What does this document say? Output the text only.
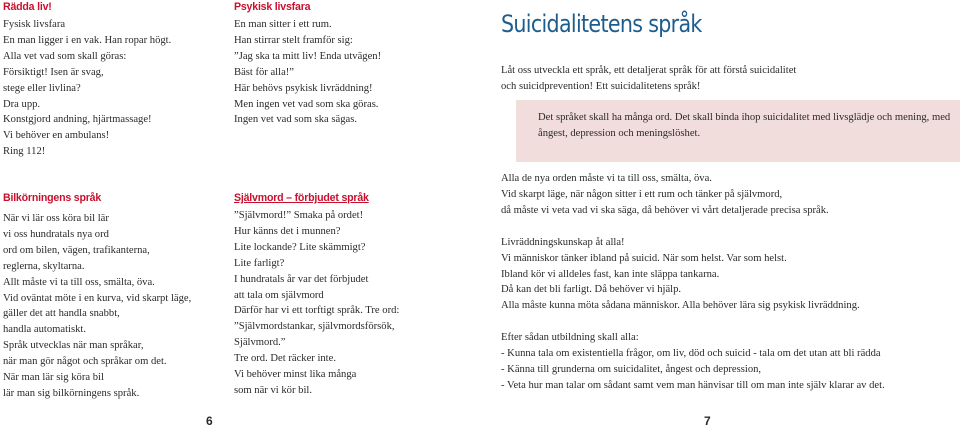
Rädda liv!
Fysisk livsfara
En man ligger i en vak. Han ropar högt.
Alla vet vad som skall göras:
Försiktigt! Isen är svag,
stege eller livlina?
Dra upp.
Konstgjord andning, hjärtmassage!
Vi behöver en ambulans!
Ring 112!
Psykisk livsfara
En man sitter i ett rum.
Han stirrar stelt framför sig:
”Jag ska ta mitt liv! Enda utvägen!
Bäst för alla!”
Här behövs psykisk livräddning!
Men ingen vet vad som ska göras.
Ingen vet vad som ska sägas.
Suicidalitetens språk
Låt oss utveckla ett språk, ett detaljerat språk för att förstå suicidalitet
och suicidprevention! Ett suicidalitetens språk!
Det språket skall ha många ord. Det skall binda ihop suicidalitet med livsglädje och mening, med ångest, depression och meningslöshet.
Bilkörningens språk
När vi lär oss köra bil lär
vi oss hundratals nya ord
ord om bilen, vägen, trafikanterna,
reglerna, skyltarna.
Allt måste vi ta till oss, smälta, öva.
Vid oväntat möte i en kurva, vid skarpt läge,
gäller det att handla snabbt,
handla automatiskt.
Språk utvecklas när man språkar,
när man gör något och språkar om det.
När man lär sig köra bil
lär man sig bilkörningens språk.
Självmord – förbjudet språk
”Självmord!” Smaka på ordet!
Hur känns det i munnen?
Lite lockande? Lite skämmigt?
Lite farligt?
I hundratals år var det förbjudet
att tala om självmord
Därför har vi ett torftigt språk. Tre ord:
”Självmordstankar, självmordsförsök,
Självmord.”
Tre ord. Det räcker inte.
Vi behöver minst lika många
som när vi kör bil.
Alla de nya orden måste vi ta till oss, smälta, öva.
Vid skarpt läge, när någon sitter i ett rum och tänker på självmord,
då måste vi veta vad vi ska säga, då behöver vi vårt detaljerade precisa språk.
Livräddningskunskap åt alla!
Vi människor tänker ibland på suicid. När som helst. Var som helst.
Ibland kör vi alldeles fast, kan inte släppa tankarna.
Då kan det bli farligt. Då behöver vi hjälp.
Alla måste kunna möta sådana människor. Alla behöver lära sig psykisk livräddning.
Efter sådan utbildning skall alla:
- Kunna tala om existentiella frågor, om liv, död och suicid - tala om det utan att bli rädda
- Känna till grunderna om suicidalitet, ångest och depression,
- Veta hur man talar om sådant samt vem man hänvisar till om man inte själv klarar av det.
6	7
